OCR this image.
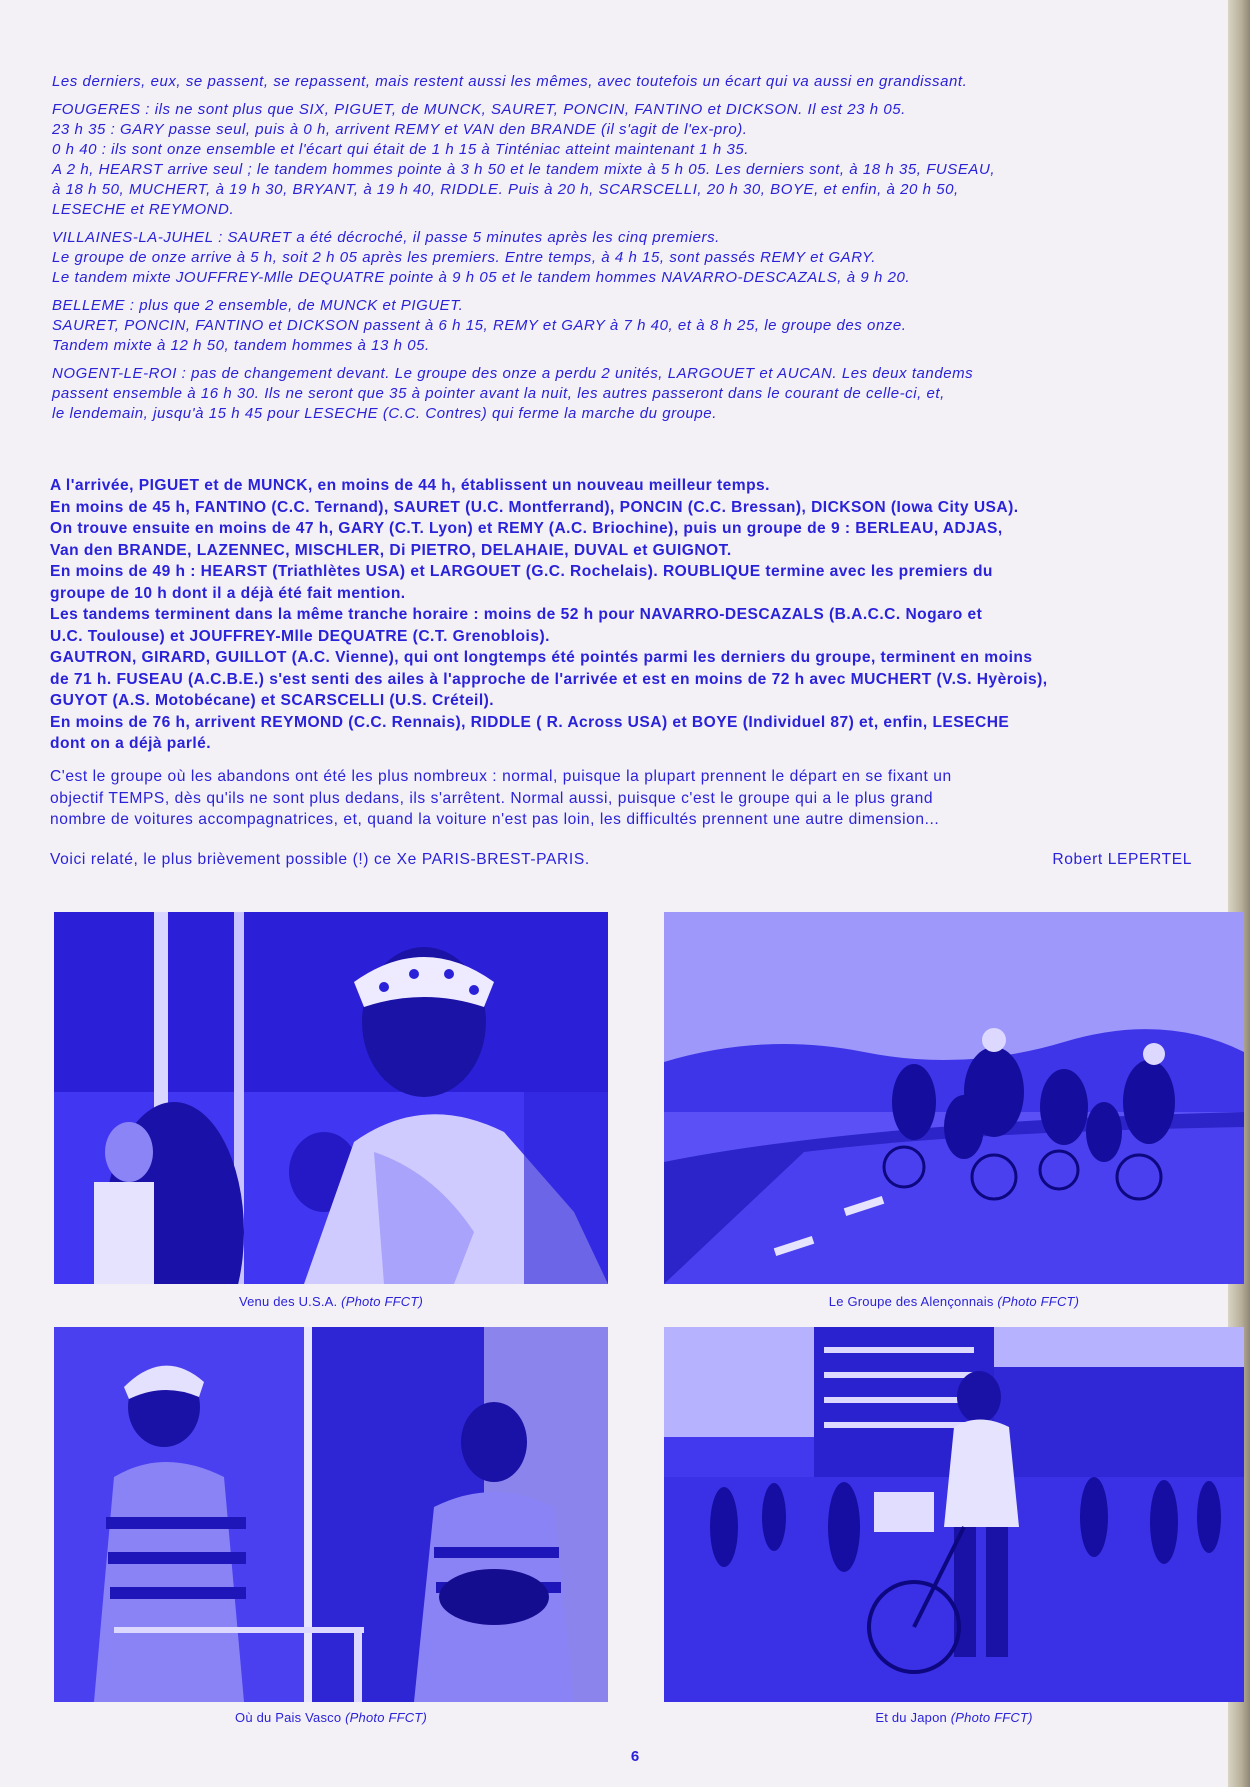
Les derniers, eux, se passent, se repassent, mais restent aussi les mêmes, avec toutefois un écart qui va aussi en grandissant.

FOUGERES : ils ne sont plus que SIX, PIGUET, de MUNCK, SAURET, PONCIN, FANTINO et DICKSON. Il est 23 h 05.
23 h 35 : GARY passe seul, puis à 0 h, arrivent REMY et VAN den BRANDE (il s'agit de l'ex-pro).
0 h 40 : ils sont onze ensemble et l'écart qui était de 1 h 15 à Tinténiac atteint maintenant 1 h 35.
A 2 h, HEARST arrive seul ; le tandem hommes pointe à 3 h 50 et le tandem mixte à 5 h 05. Les derniers sont, à 18 h 35, FUSEAU,
à 18 h 50, MUCHERT, à 19 h 30, BRYANT, à 19 h 40, RIDDLE. Puis à 20 h, SCARSCELLI, 20 h 30, BOYE, et enfin, à 20 h 50,
LESECHE et REYMOND.

VILLAINES-LA-JUHEL : SAURET a été décroché, il passe 5 minutes après les cinq premiers.
Le groupe de onze arrive à 5 h, soit 2 h 05 après les premiers. Entre temps, à 4 h 15, sont passés REMY et GARY.
Le tandem mixte JOUFFREY-Mlle DEQUATRE pointe à 9 h 05 et le tandem hommes NAVARRO-DESCAZALS, à 9 h 20.

BELLEME : plus que 2 ensemble, de MUNCK et PIGUET.
SAURET, PONCIN, FANTINO et DICKSON passent à 6 h 15, REMY et GARY à 7 h 40, et à 8 h 25, le groupe des onze.
Tandem mixte à 12 h 50, tandem hommes à 13 h 05.

NOGENT-LE-ROI : pas de changement devant. Le groupe des onze a perdu 2 unités, LARGOUET et AUCAN. Les deux tandems
passent ensemble à 16 h 30. Ils ne seront que 35 à pointer avant la nuit, les autres passeront dans le courant de celle-ci, et,
le lendemain, jusqu'à 15 h 45 pour LESECHE (C.C. Contres) qui ferme la marche du groupe.

A l'arrivée, PIGUET et de MUNCK, en moins de 44 h, établissent un nouveau meilleur temps.
En moins de 45 h, FANTINO (C.C. Ternand), SAURET (U.C. Montferrand), PONCIN (C.C. Bressan), DICKSON (Iowa City USA).
On trouve ensuite en moins de 47 h, GARY (C.T. Lyon) et REMY (A.C. Briochine), puis un groupe de 9 : BERLEAU, ADJAS,
Van den BRANDE, LAZENNEC, MISCHLER, Di PIETRO, DELAHAIE, DUVAL et GUIGNOT.
En moins de 49 h : HEARST (Triathlètes USA) et LARGOUET (G.C. Rochelais). ROUBLIQUE termine avec les premiers du
groupe de 10 h dont il a déjà été fait mention.
Les tandems terminent dans la même tranche horaire : moins de 52 h pour NAVARRO-DESCAZALS (B.A.C.C. Nogaro et
U.C. Toulouse) et JOUFFREY-Mlle DEQUATRE (C.T. Grenoblois).
GAUTRON, GIRARD, GUILLOT (A.C. Vienne), qui ont longtemps été pointés parmi les derniers du groupe, terminent en moins
de 71 h. FUSEAU (A.C.B.E.) s'est senti des ailes à l'approche de l'arrivée et est en moins de 72 h avec MUCHERT (V.S. Hyèrois),
GUYOT (A.S. Motobécane) et SCARSCELLI (U.S. Créteil).
En moins de 76 h, arrivent REYMOND (C.C. Rennais), RIDDLE ( R. Across USA) et BOYE (Individuel 87) et, enfin, LESECHE
dont on a déjà parlé.
C'est le groupe où les abandons ont été les plus nombreux : normal, puisque la plupart prennent le départ en se fixant un
objectif TEMPS, dès qu'ils ne sont plus dedans, ils s'arrêtent. Normal aussi, puisque c'est le groupe qui a le plus grand
nombre de voitures accompagnatrices, et, quand la voiture n'est pas loin, les difficultés prennent une autre dimension...
Voici relaté, le plus brièvement possible (!) ce Xe PARIS-BREST-PARIS.	Robert LEPERTEL
Venu des U.S.A. (Photo FFCT)	Le Groupe des Alençonnais (Photo FFCT)
Où du Pais Vasco (Photo FFCT)	Et du Japon (Photo FFCT)
6
